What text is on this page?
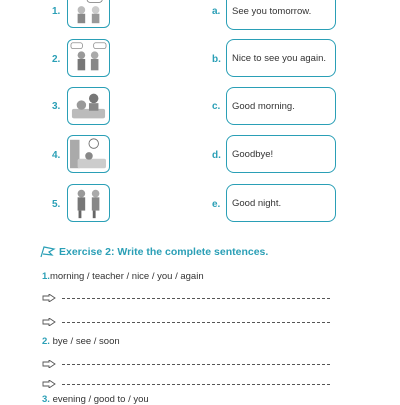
1.	a.	See you tomorrow.
2.	b.	Nice to see you again.
3.	c.	Good morning.
4.	d.	Goodbye!
5.	e.	Good night.
Exercise 2: Write the complete sentences.
1.morning / teacher / nice / you / again
2. bye / see / soon
3. evening / good to / you
